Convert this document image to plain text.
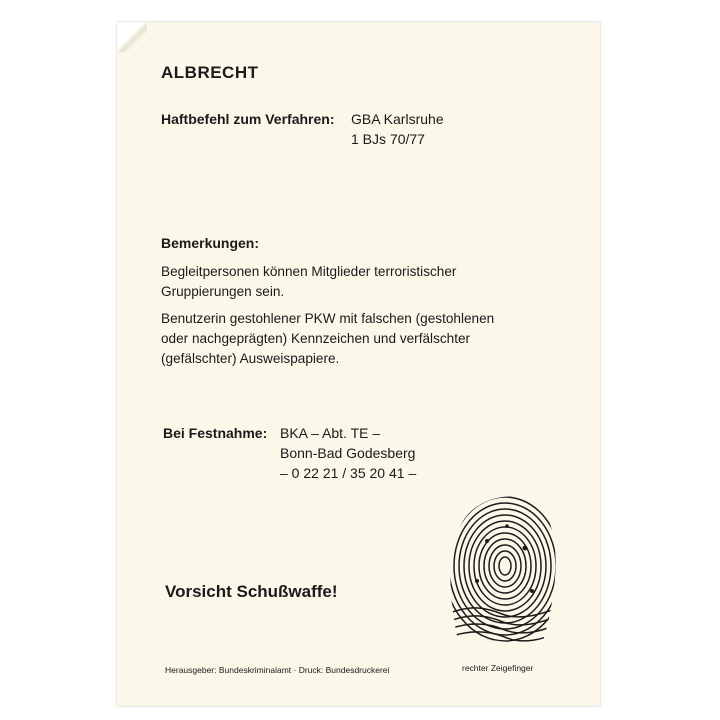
ALBRECHT
Haftbefehl zum Verfahren: GBA Karlsruhe
1 BJs 70/77
Bemerkungen:
Begleitpersonen können Mitglieder terroristischer
Gruppierungen sein.
Benutzerin gestohlener PKW mit falschen (gestohlenen
oder nachgeprägten) Kennzeichen und verfälschter
(gefälschter) Ausweispapiere.
Bei Festnahme: BKA – Abt. TE –
Bonn-Bad Godesberg
– 0 22 21 / 35 20 41 –
Vorsicht Schußwaffe!
Herausgeber: Bundeskriminalamt · Druck: Bundesdruckerei	rechter Zeigefinger
